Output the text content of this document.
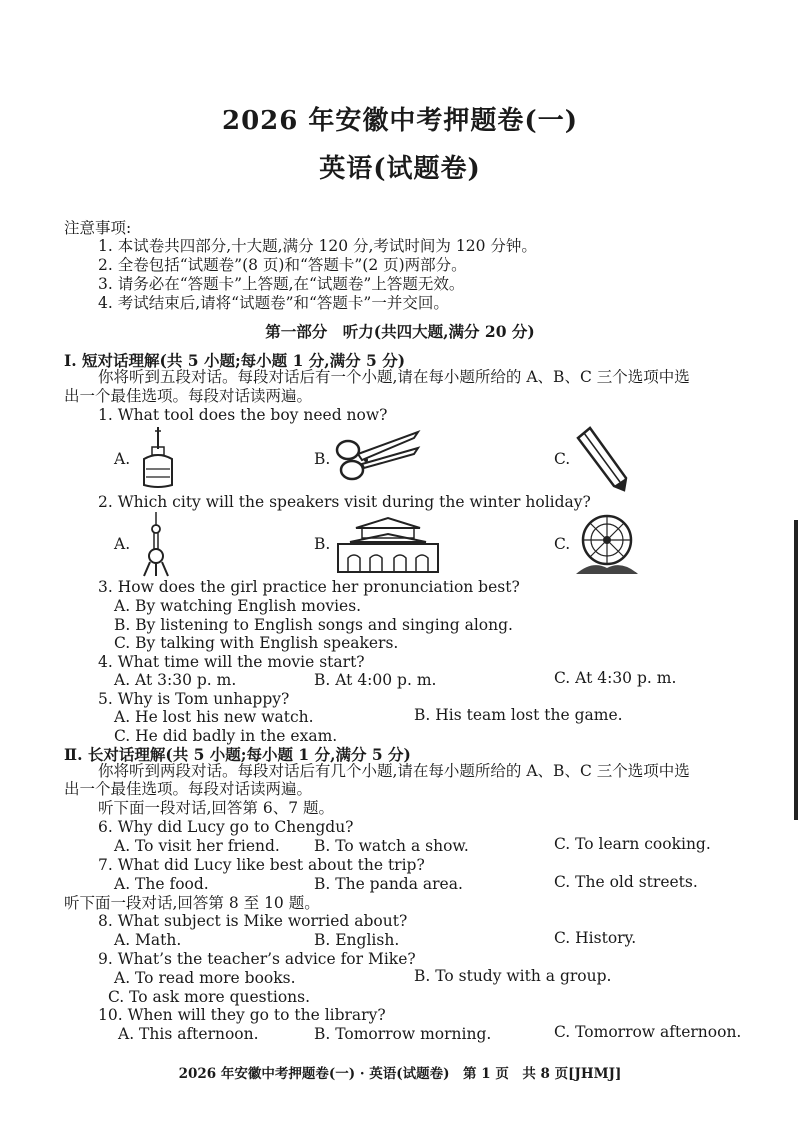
2026 年安徽中考押题卷(一)
英语(试题卷)
注意事项:
1. 本试卷共四部分,十大题,满分 120 分,考试时间为 120 分钟。
2. 全卷包括“试题卷”(8 页)和“答题卡”(2 页)两部分。
3. 请务必在“答题卡”上答题,在“试题卷”上答题无效。
4. 考试结束后,请将“试题卷”和“答题卡”一并交回。
第一部分　听力(共四大题,满分 20 分)
Ⅰ. 短对话理解(共 5 小题;每小题 1 分,满分 5 分)
你将听到五段对话。每段对话后有一个小题,请在每小题所给的 A、B、C 三个选项中选
出一个最佳选项。每段对话读两遍。
1. What tool does the boy need now?
A.	B.	C.
2. Which city will the speakers visit during the winter holiday?
A.	B.	C.
3. How does the girl practice her pronunciation best?
A. By watching English movies.
B. By listening to English songs and singing along.
C. By talking with English speakers.
4. What time will the movie start?
A. At 3:30 p. m.	B. At 4:00 p. m.	C. At 4:30 p. m.
5. Why is Tom unhappy?
A. He lost his new watch.	B. His team lost the game.
C. He did badly in the exam.
Ⅱ. 长对话理解(共 5 小题;每小题 1 分,满分 5 分)
你将听到两段对话。每段对话后有几个小题,请在每小题所给的 A、B、C 三个选项中选
出一个最佳选项。每段对话读两遍。
听下面一段对话,回答第 6、7 题。
6. Why did Lucy go to Chengdu?
A. To visit her friend. B. To watch a show.	C. To learn cooking.
7. What did Lucy like best about the trip?
A. The food.	B. The panda area.	C. The old streets.
听下面一段对话,回答第 8 至 10 题。
8. What subject is Mike worried about?
A. Math.	B. English.	C. History.
9. What’s the teacher’s advice for Mike?
A. To read more books.	B. To study with a group.
C. To ask more questions.
10. When will they go to the library?
A. This afternoon.	B. Tomorrow morning.	C. Tomorrow afternoon.
2026 年安徽中考押题卷(一) · 英语(试题卷)　第 1 页　共 8 页[JHMJ]
